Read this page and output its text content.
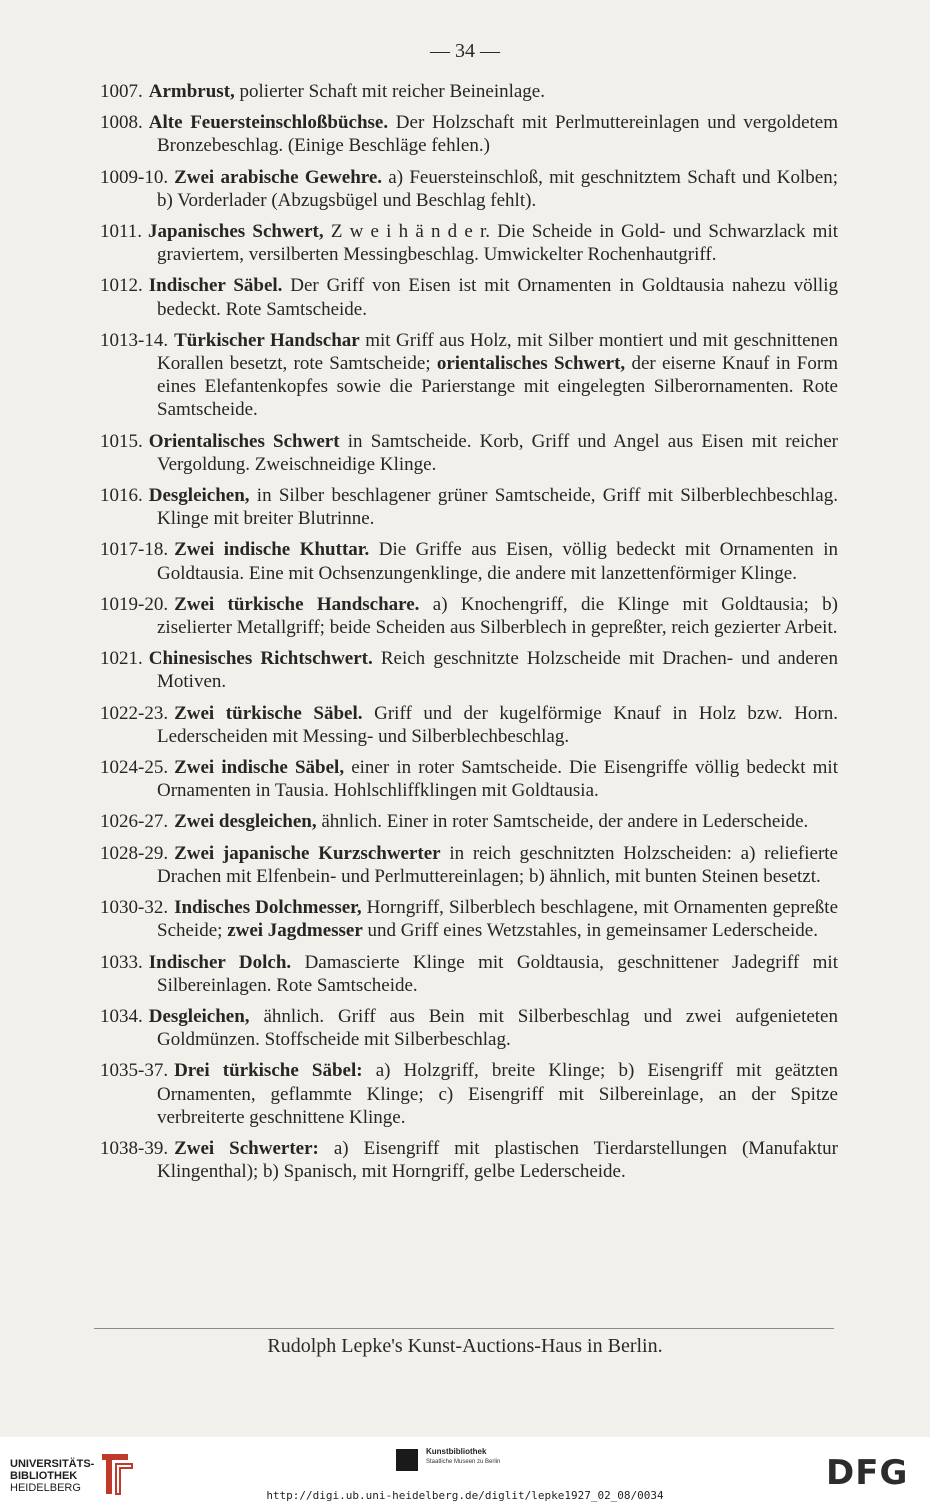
— 34 —

1007. Armbrust, polierter Schaft mit reicher Beineinlage.

1008. Alte Feuersteinschloßbüchse. Der Holzschaft mit Perlmuttereinlagen und vergoldetem Bronzebeschlag. (Einige Beschläge fehlen.)

1009-10. Zwei arabische Gewehre. a) Feuersteinschloß, mit geschnitztem Schaft und Kolben; b) Vorderlader (Abzugsbügel und Beschlag fehlt).

1011. Japanisches Schwert, Z w e i h ä n d e r. Die Scheide in Gold- und Schwarzlack mit graviertem, versilberten Messingbeschlag. Umwickelter Rochenhautgriff.

1012. Indischer Säbel. Der Griff von Eisen ist mit Ornamenten in Goldtausia nahezu völlig bedeckt. Rote Samtscheide.

1013-14. Türkischer Handschar mit Griff aus Holz, mit Silber montiert und mit geschnittenen Korallen besetzt, rote Samtscheide; orientalisches Schwert, der eiserne Knauf in Form eines Elefantenkopfes sowie die Parierstange mit eingelegten Silberornamenten. Rote Samtscheide.

1015. Orientalisches Schwert in Samtscheide. Korb, Griff und Angel aus Eisen mit reicher Vergoldung. Zweischneidige Klinge.

1016. Desgleichen, in Silber beschlagener grüner Samtscheide, Griff mit Silberblechbeschlag. Klinge mit breiter Blutrinne.

1017-18. Zwei indische Khuttar. Die Griffe aus Eisen, völlig bedeckt mit Ornamenten in Goldtausia. Eine mit Ochsenzungenklinge, die andere mit lanzettenförmiger Klinge.

1019-20. Zwei türkische Handschare. a) Knochengriff, die Klinge mit Goldtausia; b) ziselierter Metallgriff; beide Scheiden aus Silberblech in gepreßter, reich gezierter Arbeit.

1021. Chinesisches Richtschwert. Reich geschnitzte Holzscheide mit Drachen- und anderen Motiven.

1022-23. Zwei türkische Säbel. Griff und der kugelförmige Knauf in Holz bzw. Horn. Lederscheiden mit Messing- und Silberblechbeschlag.

1024-25. Zwei indische Säbel, einer in roter Samtscheide. Die Eisengriffe völlig bedeckt mit Ornamenten in Tausia. Hohlschliffklingen mit Goldtausia.

1026-27. Zwei desgleichen, ähnlich. Einer in roter Samtscheide, der andere in Lederscheide.

1028-29. Zwei japanische Kurzschwerter in reich geschnitzten Holzscheiden: a) reliefierte Drachen mit Elfenbein- und Perlmuttereinlagen; b) ähnlich, mit bunten Steinen besetzt.

1030-32. Indisches Dolchmesser, Horngriff, Silberblech beschlagene, mit Ornamenten gepreßte Scheide; zwei Jagdmesser und Griff eines Wetzstahles, in gemeinsamer Lederscheide.

1033. Indischer Dolch. Damascierte Klinge mit Goldtausia, geschnittener Jadegriff mit Silbereinlagen. Rote Samtscheide.

1034. Desgleichen, ähnlich. Griff aus Bein mit Silberbeschlag und zwei aufgenieteten Goldmünzen. Stoffscheide mit Silberbeschlag.

1035-37. Drei türkische Säbel: a) Holzgriff, breite Klinge; b) Eisengriff mit geätzten Ornamenten, geflammte Klinge; c) Eisengriff mit Silbereinlage, an der Spitze verbreiterte geschnittene Klinge.

1038-39. Zwei Schwerter: a) Eisengriff mit plastischen Tierdarstellungen (Manufaktur Klingenthal); b) Spanisch, mit Horngriff, gelbe Lederscheide.

Rudolph Lepke's Kunst-Auctions-Haus in Berlin.
UNIVERSITÄTS-
BIBLIOTHEK
HEIDELBERG
Kunstbibliothek
Staatliche Museen zu Berlin	DFG
http://digi.ub.uni-heidelberg.de/diglit/lepke1927_02_08/0034
